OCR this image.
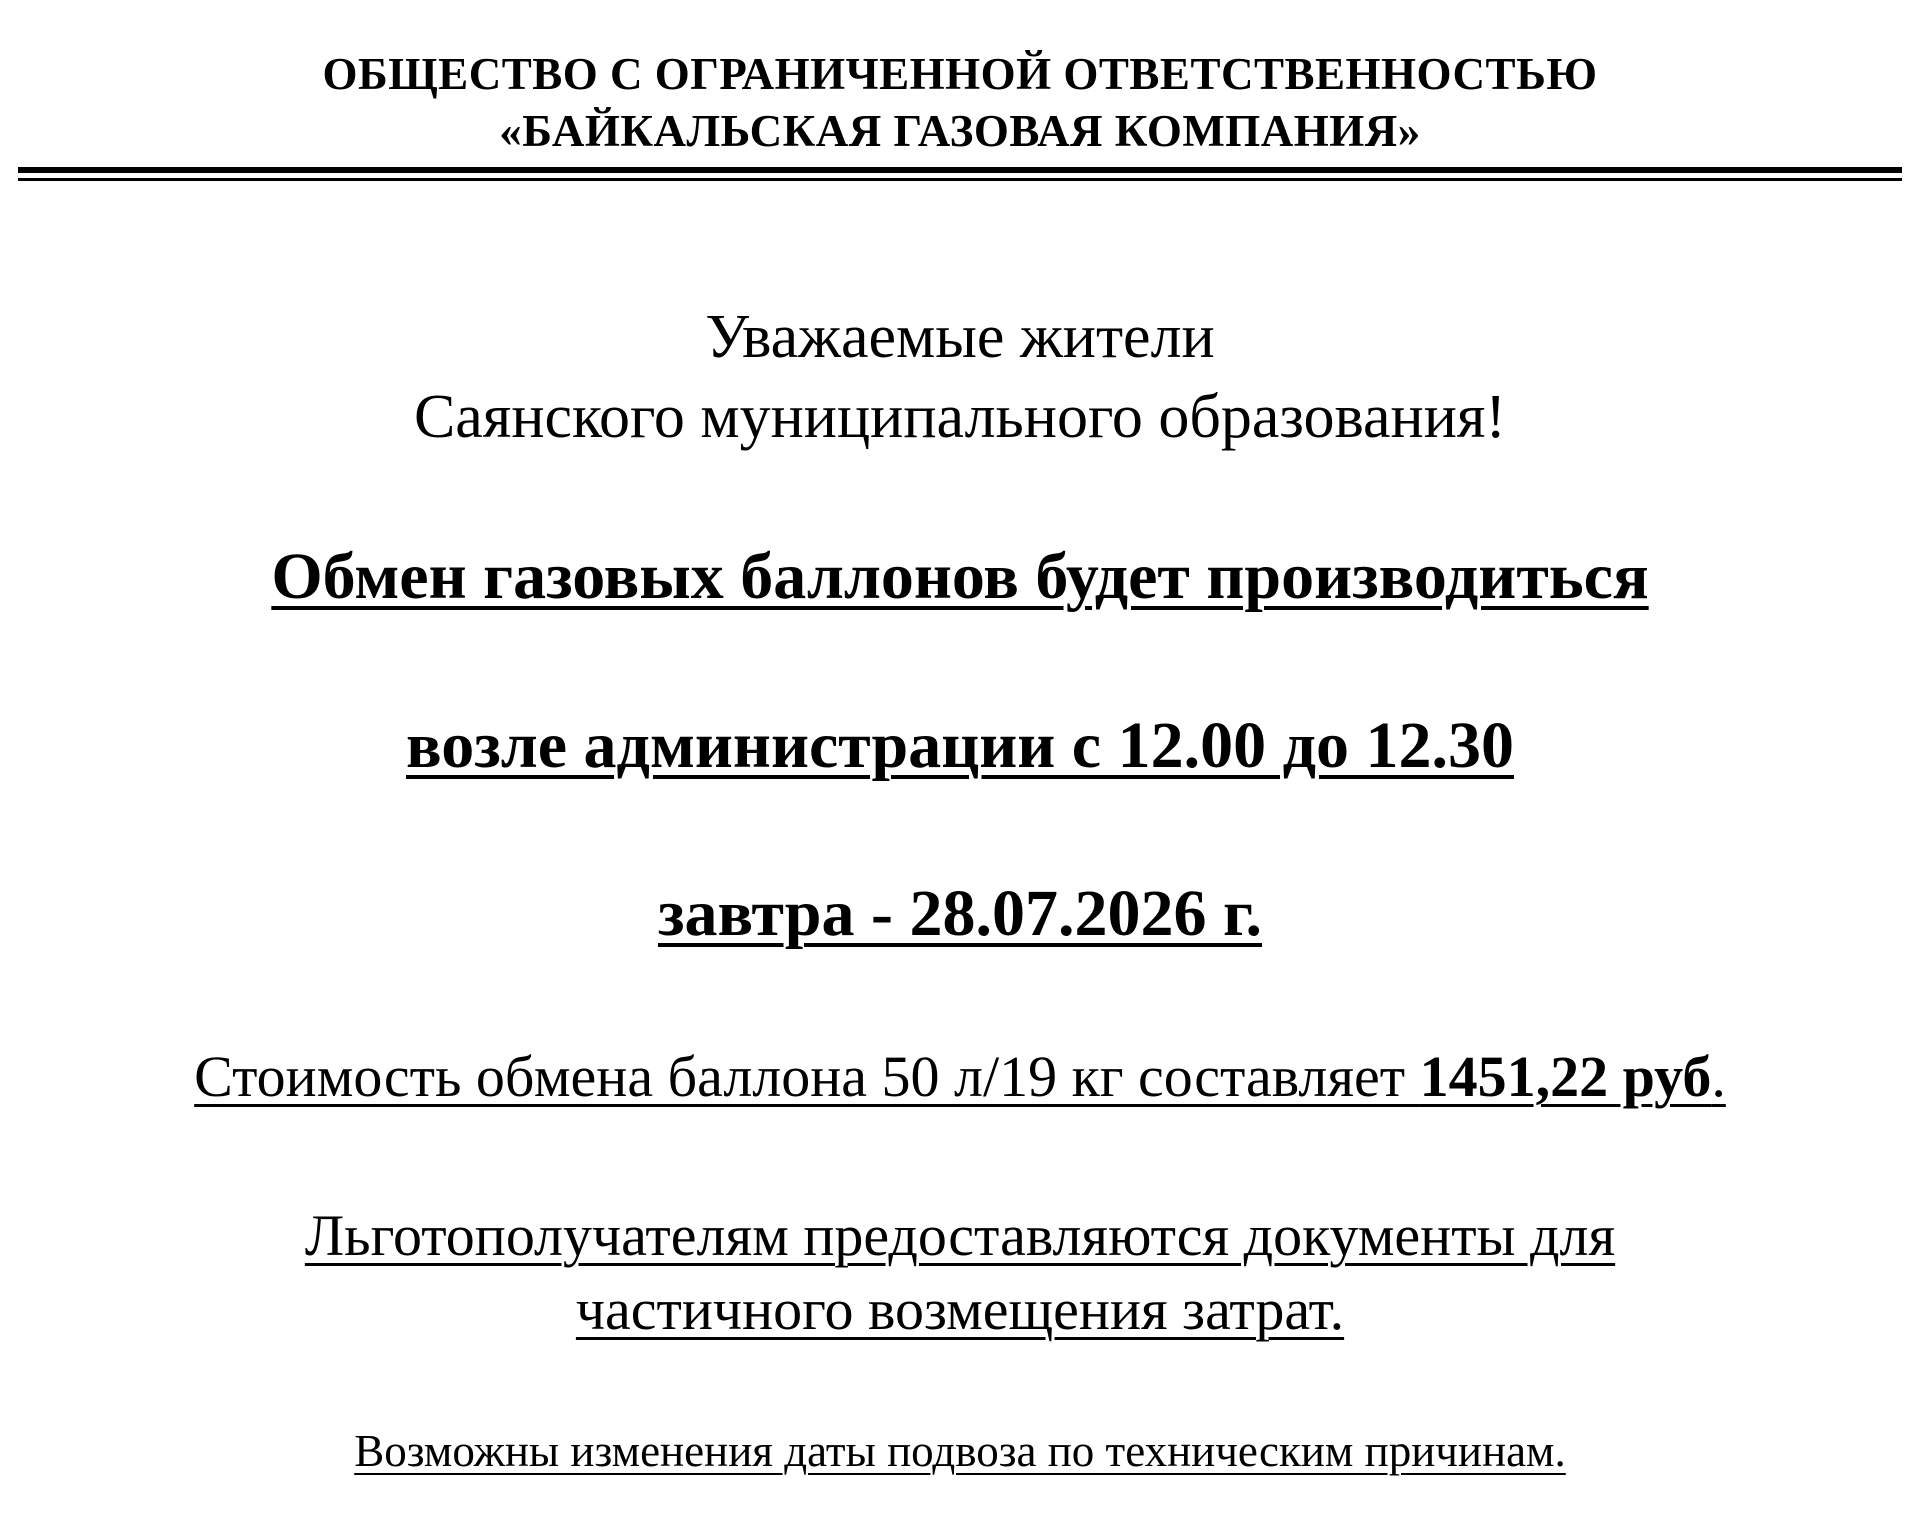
ОБЩЕСТВО С ОГРАНИЧЕННОЙ ОТВЕТСТВЕННОСТЬЮ
«БАЙКАЛЬСКАЯ ГАЗОВАЯ КОМПАНИЯ»
Уважаемые жители
Саянского муниципального образования!
Обмен газовых баллонов будет производиться
возле администрации с 12.00 до 12.30
завтра - 28.07.2026 г.
Стоимость обмена баллона 50 л/19 кг составляет 1451,22 руб.
Льготополучателям предоставляются документы для
частичного возмещения затрат.
Возможны изменения даты подвоза по техническим причинам.
